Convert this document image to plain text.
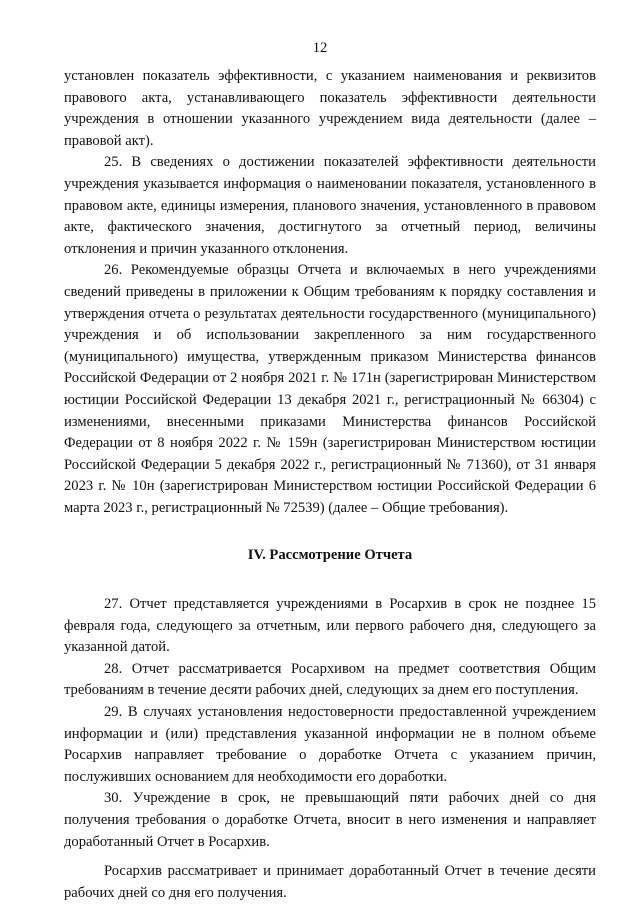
12

установлен показатель эффективности, с указанием наименования и реквизитов правового акта, устанавливающего показатель эффективности деятельности учреждения в отношении указанного учреждением вида деятельности (далее – правовой акт).

25. В сведениях о достижении показателей эффективности деятельности учреждения указывается информация о наименовании показателя, установленного в правовом акте, единицы измерения, планового значения, установленного в правовом акте, фактического значения, достигнутого за отчетный период, величины отклонения и причин указанного отклонения.

26. Рекомендуемые образцы Отчета и включаемых в него учреждениями сведений приведены в приложении к Общим требованиям к порядку составления и утверждения отчета о результатах деятельности государственного (муниципального) учреждения и об использовании закрепленного за ним государственного (муниципального) имущества, утвержденным приказом Министерства финансов Российской Федерации от 2 ноября 2021 г. № 171н (зарегистрирован Министерством юстиции Российской Федерации 13 декабря 2021 г., регистрационный № 66304) с изменениями, внесенными приказами Министерства финансов Российской Федерации от 8 ноября 2022 г. № 159н (зарегистрирован Министерством юстиции Российской Федерации 5 декабря 2022 г., регистрационный № 71360), от 31 января 2023 г. № 10н (зарегистрирован Министерством юстиции Российской Федерации 6 марта 2023 г., регистрационный № 72539) (далее – Общие требования).

IV. Рассмотрение Отчета

27. Отчет представляется учреждениями в Росархив в срок не позднее 15 февраля года, следующего за отчетным, или первого рабочего дня, следующего за указанной датой.

28. Отчет рассматривается Росархивом на предмет соответствия Общим требованиям в течение десяти рабочих дней, следующих за днем его поступления.

29. В случаях установления недостоверности предоставленной учреждением информации и (или) представления указанной информации не в полном объеме Росархив направляет требование о доработке Отчета с указанием причин, послуживших основанием для необходимости его доработки.

30. Учреждение в срок, не превышающий пяти рабочих дней со дня получения требования о доработке Отчета, вносит в него изменения и направляет доработанный Отчет в Росархив.

Росархив рассматривает и принимает доработанный Отчет в течение десяти рабочих дней со дня его получения.
